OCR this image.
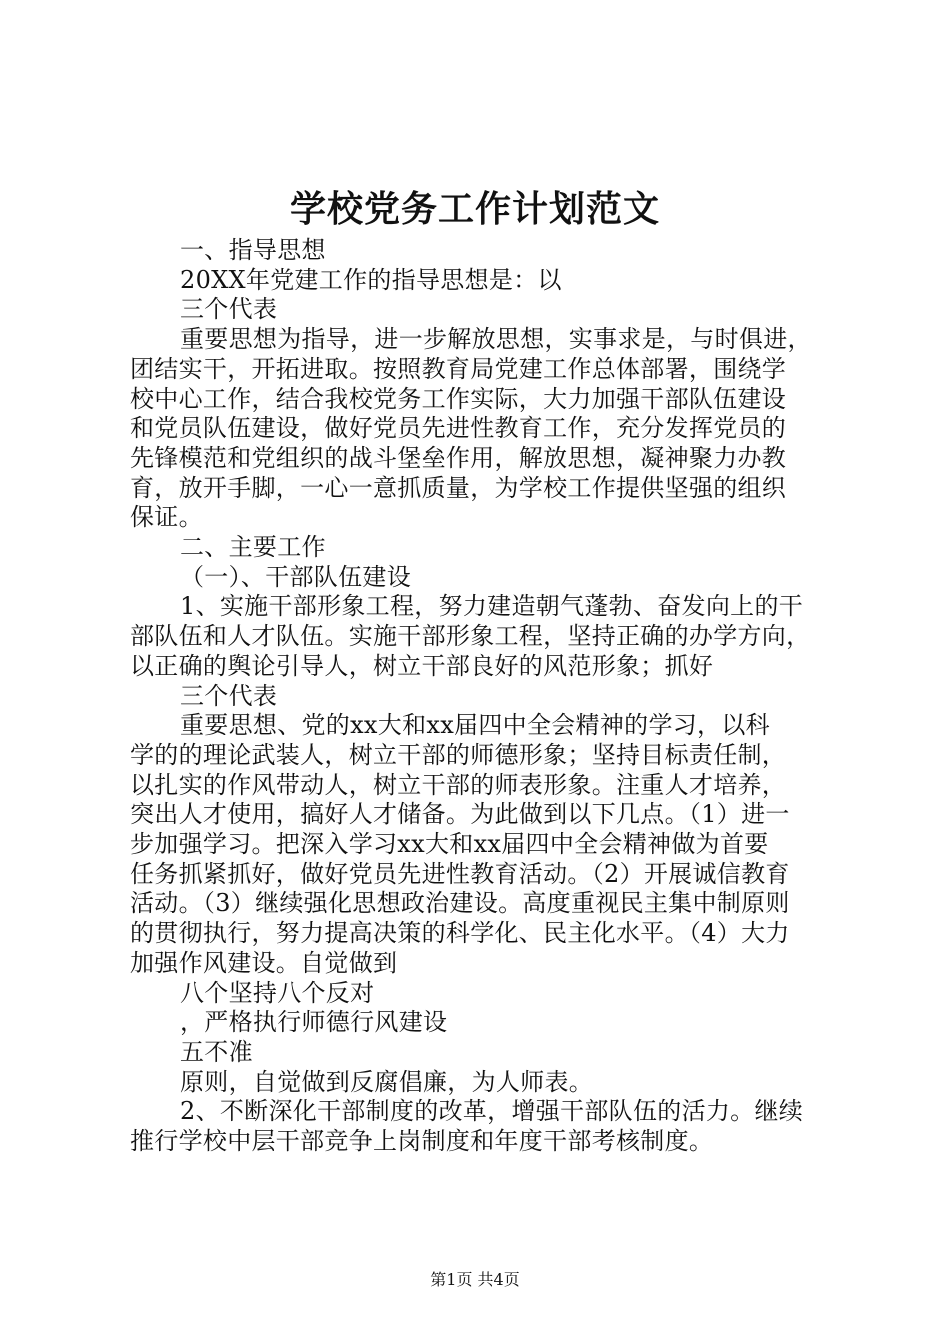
学校党务工作计划范文

一、指导思想

20XX年党建工作的指导思想是：以

三个代表

重要思想为指导，进一步解放思想，实事求是，与时俱进，

团结实干，开拓进取。按照教育局党建工作总体部署，围绕学

校中心工作，结合我校党务工作实际，大力加强干部队伍建设

和党员队伍建设，做好党员先进性教育工作，充分发挥党员的

先锋模范和党组织的战斗堡垒作用，解放思想，凝神聚力办教

育，放开手脚，一心一意抓质量，为学校工作提供坚强的组织

保证。

二、主要工作

（一）、干部队伍建设

1、实施干部形象工程，努力建造朝气蓬勃、奋发向上的干

部队伍和人才队伍。实施干部形象工程，坚持正确的办学方向，

以正确的舆论引导人，树立干部良好的风范形象；抓好

三个代表

重要思想、党的xx大和xx届四中全会精神的学习，以科

学的的理论武装人，树立干部的师德形象；坚持目标责任制，

以扎实的作风带动人，树立干部的师表形象。注重人才培养，

突出人才使用，搞好人才储备。为此做到以下几点。（1）进一

步加强学习。把深入学习xx大和xx届四中全会精神做为首要

任务抓紧抓好，做好党员先进性教育活动。（2）开展诚信教育

活动。（3）继续强化思想政治建设。高度重视民主集中制原则

的贯彻执行，努力提高决策的科学化、民主化水平。（4）大力

加强作风建设。自觉做到

八个坚持八个反对

，严格执行师德行风建设

五不准

原则，自觉做到反腐倡廉，为人师表。

2、不断深化干部制度的改革，增强干部队伍的活力。继续

推行学校中层干部竞争上岗制度和年度干部考核制度。

第1页 共4页
